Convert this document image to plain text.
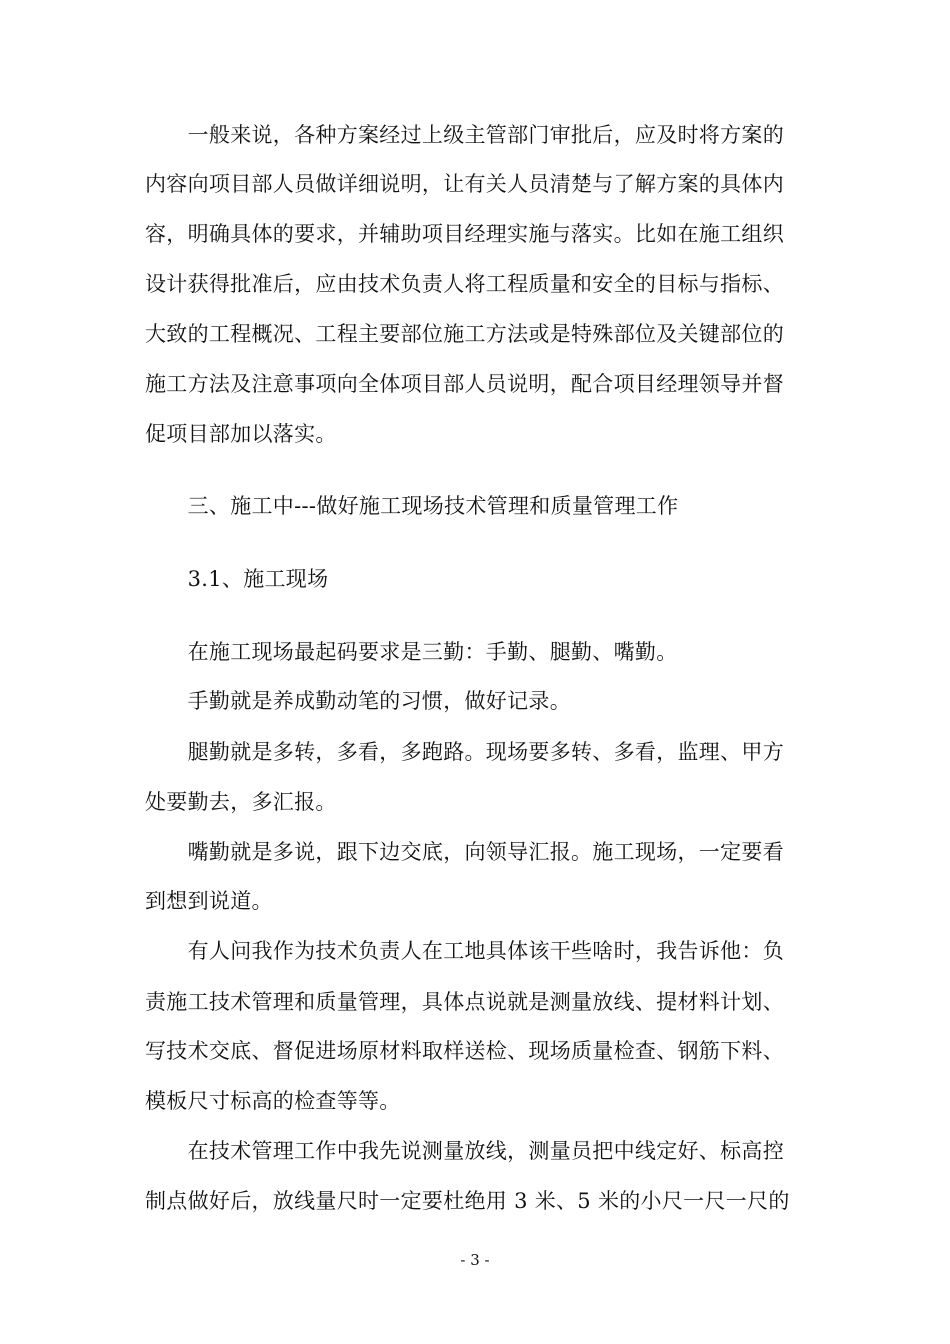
　　一般来说，各种方案经过上级主管部门审批后，应及时将方案的
内容向项目部人员做详细说明，让有关人员清楚与了解方案的具体内
容，明确具体的要求，并辅助项目经理实施与落实。比如在施工组织
设计获得批准后，应由技术负责人将工程质量和安全的目标与指标、
大致的工程概况、工程主要部位施工方法或是特殊部位及关键部位的
施工方法及注意事项向全体项目部人员说明，配合项目经理领导并督
促项目部加以落实。
　　三、施工中---做好施工现场技术管理和质量管理工作
　　3.1、施工现场
　　在施工现场最起码要求是三勤：手勤、腿勤、嘴勤。
　　手勤就是养成勤动笔的习惯，做好记录。
　　腿勤就是多转，多看，多跑路。现场要多转、多看，监理、甲方
处要勤去，多汇报。
　　嘴勤就是多说，跟下边交底，向领导汇报。施工现场，一定要看
到想到说道。
　　有人问我作为技术负责人在工地具体该干些啥时，我告诉他：负
责施工技术管理和质量管理，具体点说就是测量放线、提材料计划、
写技术交底、督促进场原材料取样送检、现场质量检查、钢筋下料、
模板尺寸标高的检查等等。
　　在技术管理工作中我先说测量放线，测量员把中线定好、标高控
制点做好后，放线量尺时一定要杜绝用 3 米、5 米的小尺一尺一尺的
- 3 -
